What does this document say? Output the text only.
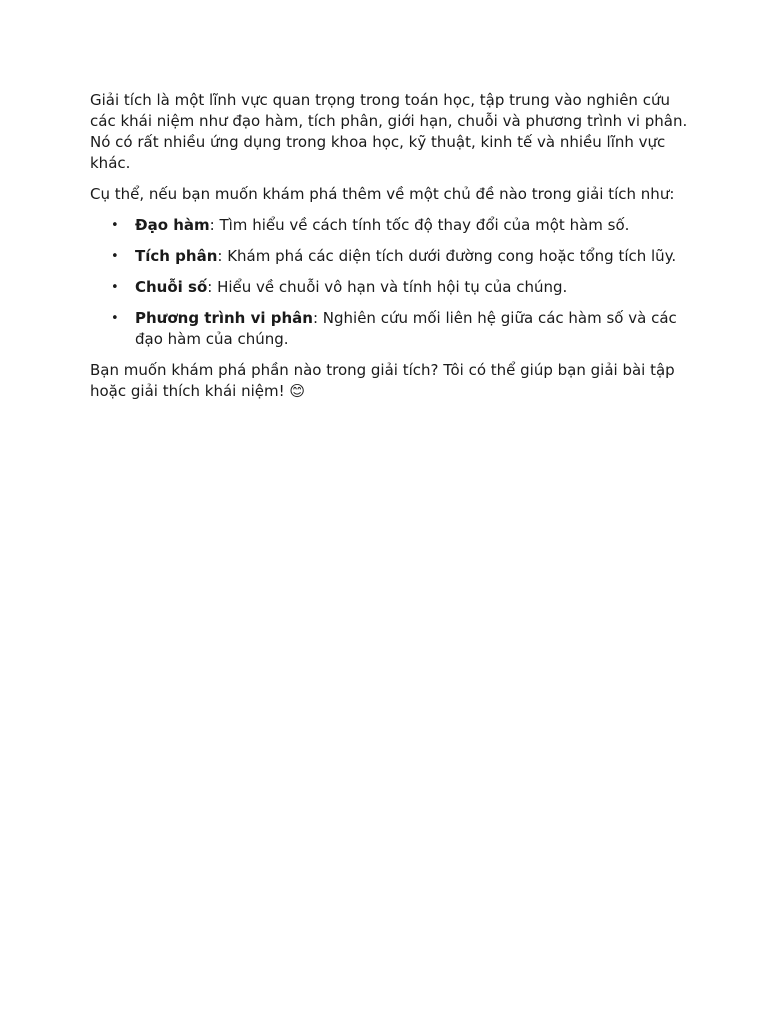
Giải tích là một lĩnh vực quan trọng trong toán học, tập trung vào nghiên cứu các khái niệm như đạo hàm, tích phân, giới hạn, chuỗi và phương trình vi phân. Nó có rất nhiều ứng dụng trong khoa học, kỹ thuật, kinh tế và nhiều lĩnh vực khác.

Cụ thể, nếu bạn muốn khám phá thêm về một chủ đề nào trong giải tích như:

• Đạo hàm: Tìm hiểu về cách tính tốc độ thay đổi của một hàm số.
• Tích phân: Khám phá các diện tích dưới đường cong hoặc tổng tích lũy.
• Chuỗi số: Hiểu về chuỗi vô hạn và tính hội tụ của chúng.
• Phương trình vi phân: Nghiên cứu mối liên hệ giữa các hàm số và các đạo hàm của chúng.

Bạn muốn khám phá phần nào trong giải tích? Tôi có thể giúp bạn giải bài tập hoặc giải thích khái niệm! 😊
